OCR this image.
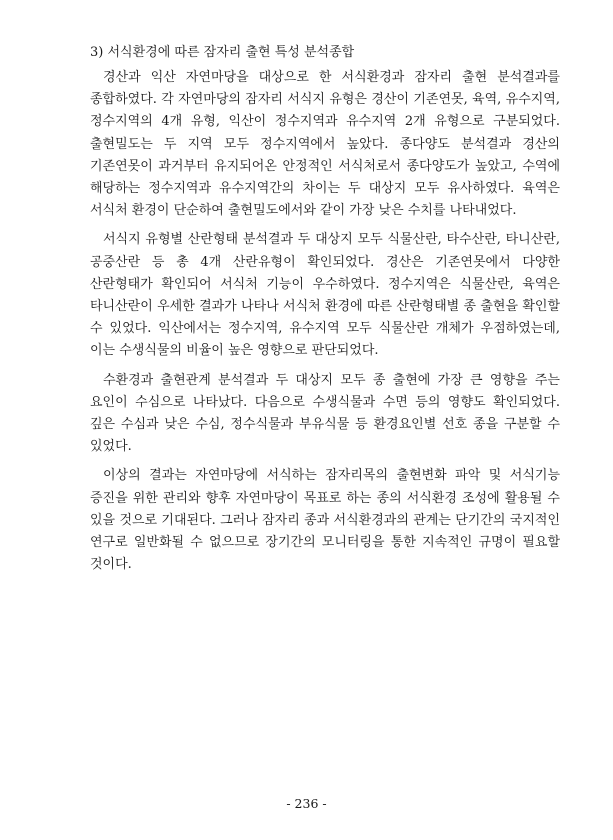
3) 서식환경에 따른 잠자리 출현 특성 분석종합

경산과 익산 자연마당을 대상으로 한 서식환경과 잠자리 출현 분석결과를 종합하였다. 각 자연마당의 잠자리 서식지 유형은 경산이 기존연못, 육역, 유수지역, 정수지역의 4개 유형, 익산이 정수지역과 유수지역 2개 유형으로 구분되었다. 출현밀도는 두 지역 모두 정수지역에서 높았다. 종다양도 분석결과 경산의 기존연못이 과거부터 유지되어온 안정적인 서식처로서 종다양도가 높았고, 수역에 해당하는 정수지역과 유수지역간의 차이는 두 대상지 모두 유사하였다. 육역은 서식처 환경이 단순하여 출현밀도에서와 같이 가장 낮은 수치를 나타내었다.

서식지 유형별 산란형태 분석결과 두 대상지 모두 식물산란, 타수산란, 타니산란, 공중산란 등 총 4개 산란유형이 확인되었다. 경산은 기존연못에서 다양한 산란형태가 확인되어 서식처 기능이 우수하였다. 정수지역은 식물산란, 육역은 타니산란이 우세한 결과가 나타나 서식처 환경에 따른 산란형태별 종 출현을 확인할 수 있었다. 익산에서는 정수지역, 유수지역 모두 식물산란 개체가 우점하였는데, 이는 수생식물의 비율이 높은 영향으로 판단되었다.

수환경과 출현관계 분석결과 두 대상지 모두 종 출현에 가장 큰 영향을 주는 요인이 수심으로 나타났다. 다음으로 수생식물과 수면 등의 영향도 확인되었다. 깊은 수심과 낮은 수심, 정수식물과 부유식물 등 환경요인별 선호 종을 구분할 수 있었다.

이상의 결과는 자연마당에 서식하는 잠자리목의 출현변화 파악 및 서식기능 증진을 위한 관리와 향후 자연마당이 목표로 하는 종의 서식환경 조성에 활용될 수 있을 것으로 기대된다. 그러나 잠자리 종과 서식환경과의 관계는 단기간의 국지적인 연구로 일반화될 수 없으므로 장기간의 모니터링을 통한 지속적인 규명이 필요할 것이다.

- 236 -
